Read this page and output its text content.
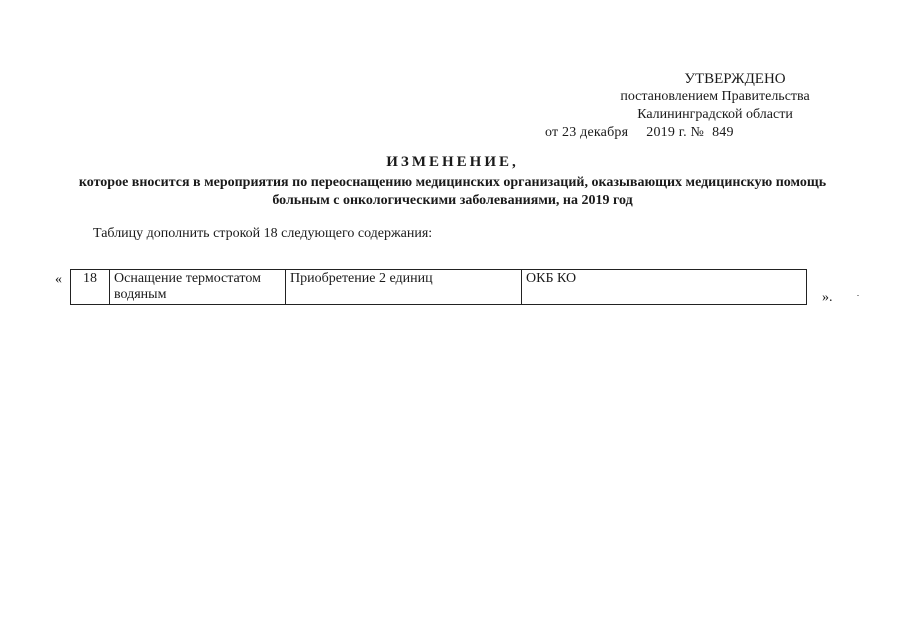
УТВЕРЖДЕНО
постановлением Правительства
Калининградской области
от 23 декабря 2019 г. № 849
ИЗМЕНЕНИЕ,
которое вносится в мероприятия по переоснащению медицинских организаций, оказывающих медицинскую помощь больным с онкологическими заболеваниями, на 2019 год
Таблицу дополнить строкой 18 следующего содержания:
« 18	Оснащение термостатом водяным	Приобретение 2 единиц	ОКБ КО
».
